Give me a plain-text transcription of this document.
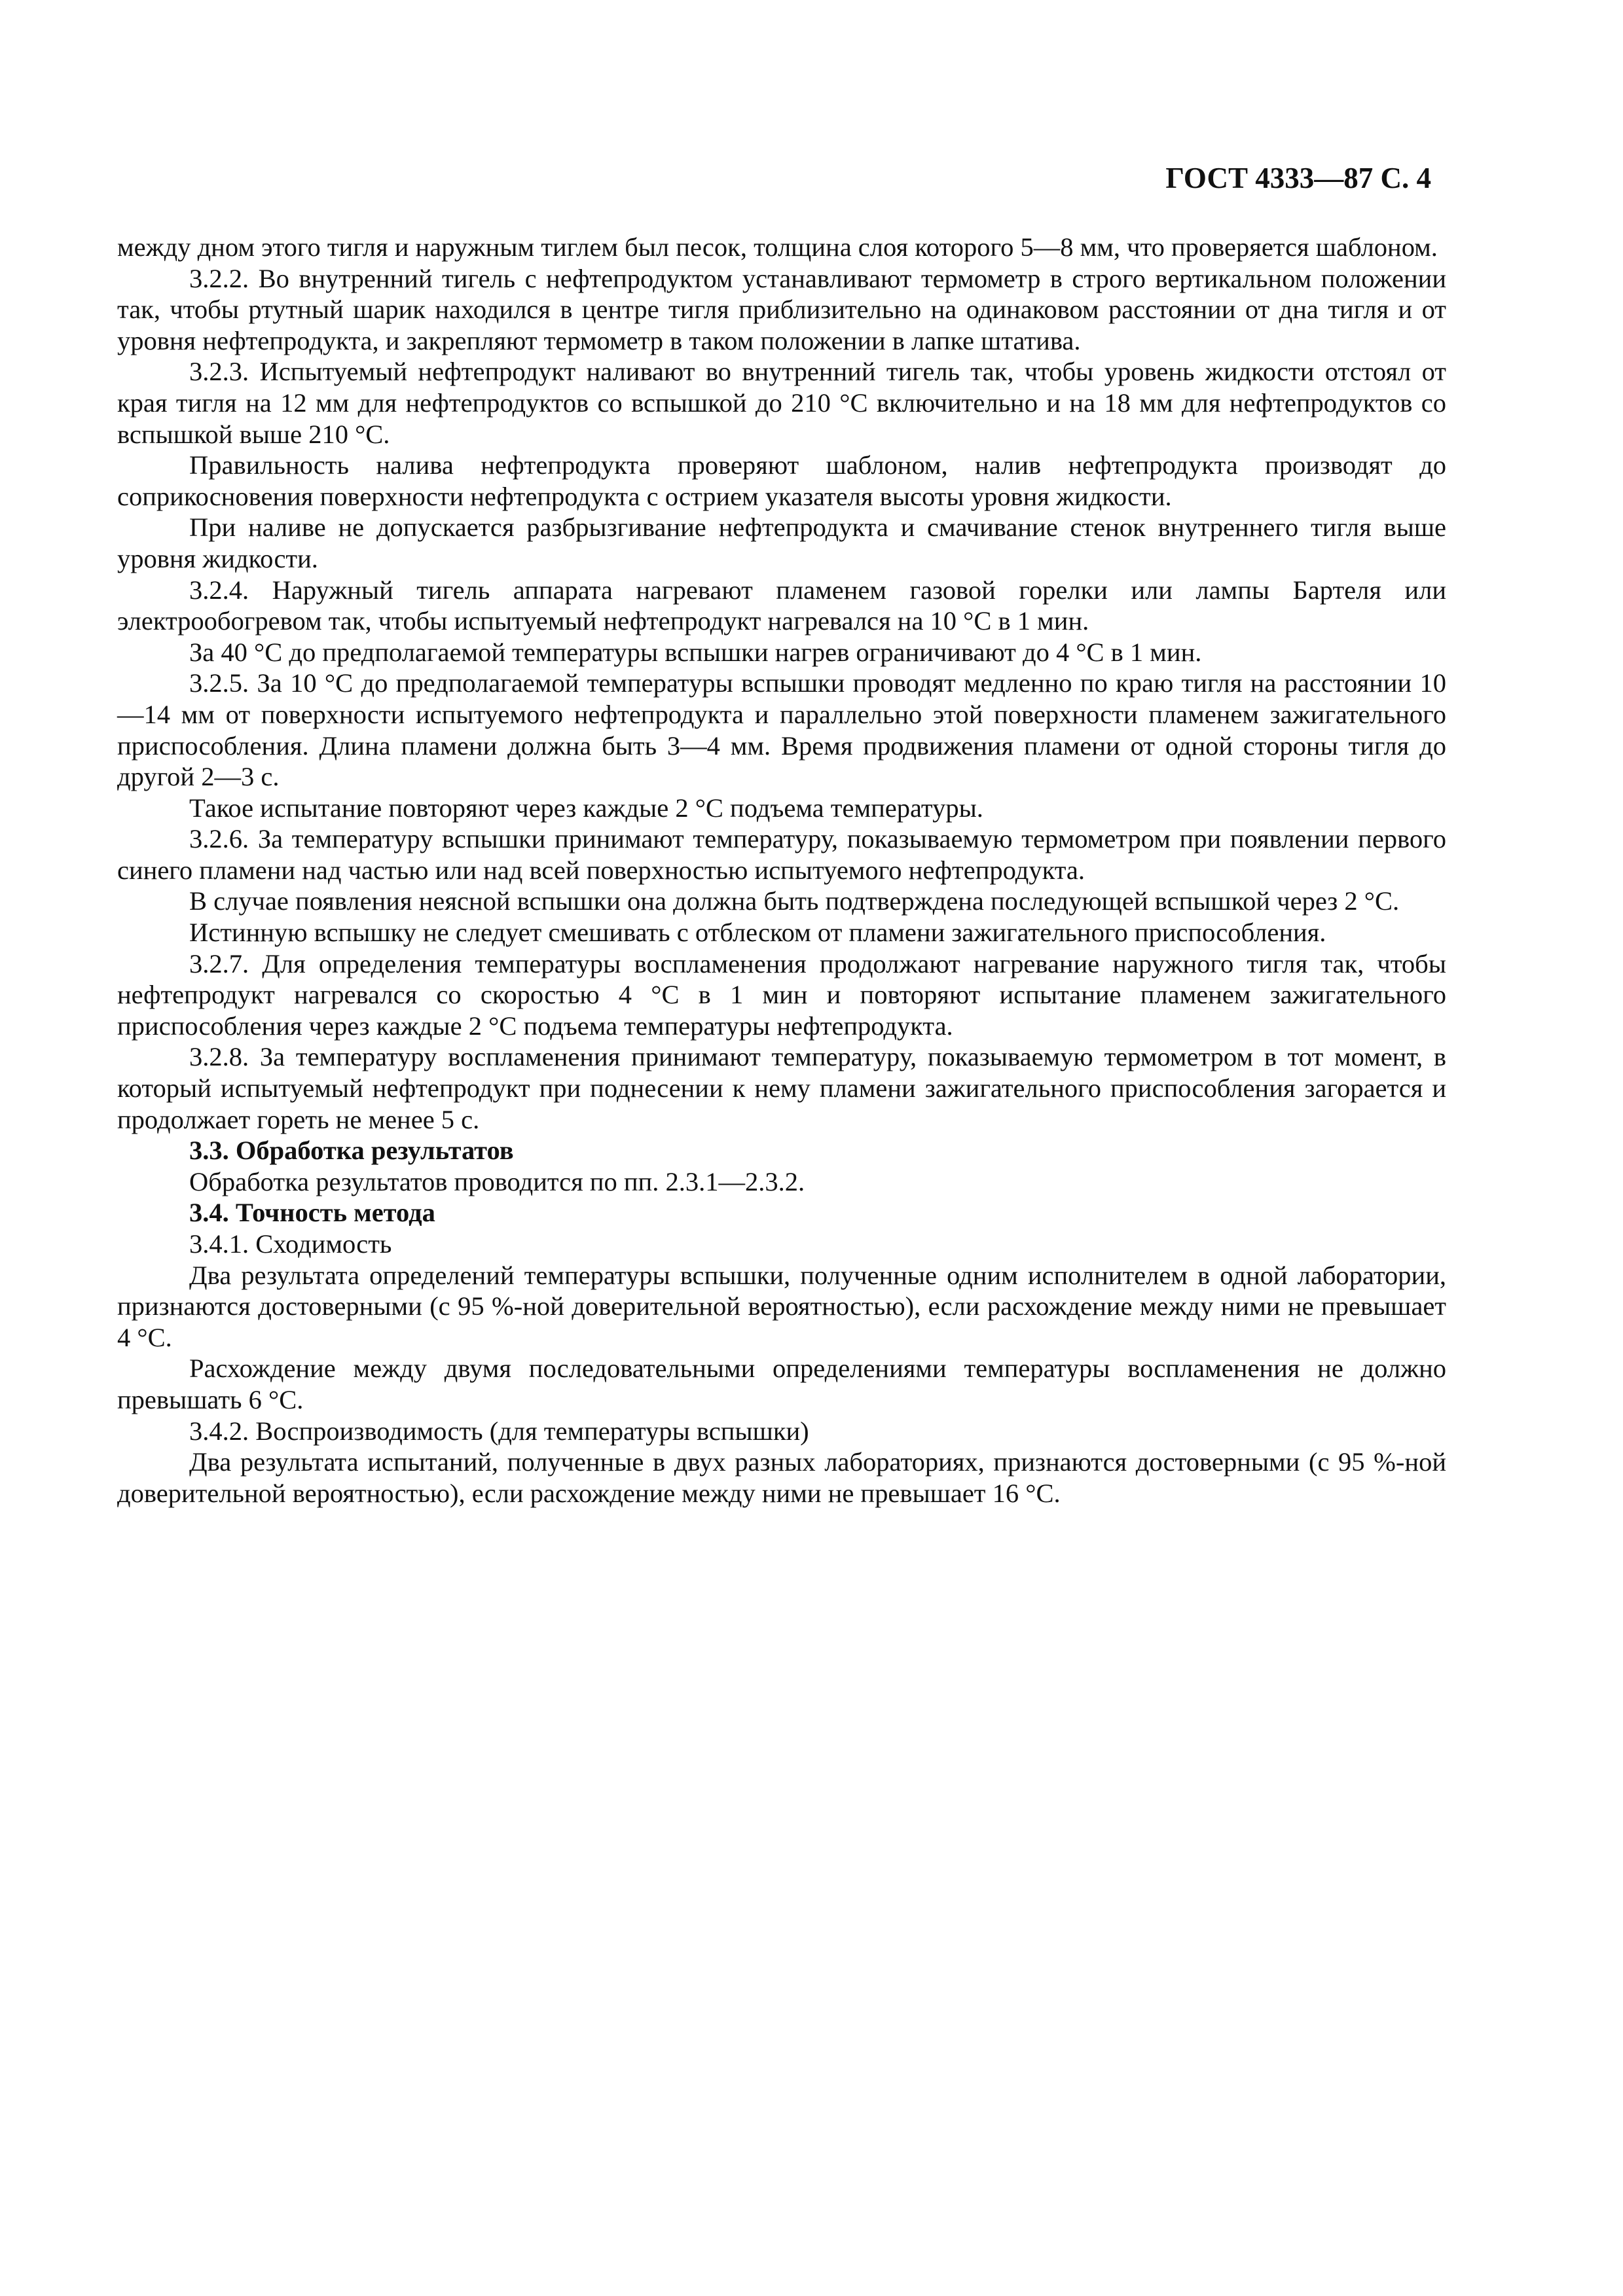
ГОСТ 4333—87 С. 4

между дном этого тигля и наружным тиглем был песок, толщина слоя которого 5—8 мм, что проверяется шаблоном.

3.2.2. Во внутренний тигель с нефтепродуктом устанавливают термометр в строго вертикальном положении так, чтобы ртутный шарик находился в центре тигля приблизительно на одинаковом расстоянии от дна тигля и от уровня нефтепродукта, и закрепляют термометр в таком положении в лапке штатива.

3.2.3. Испытуемый нефтепродукт наливают во внутренний тигель так, чтобы уровень жидкости отстоял от края тигля на 12 мм для нефтепродуктов со вспышкой до 210 °С включительно и на 18 мм для нефтепродуктов со вспышкой выше 210 °С.

Правильность налива нефтепродукта проверяют шаблоном, налив нефтепродукта производят до соприкосновения поверхности нефтепродукта с острием указателя высоты уровня жидкости.

При наливе не допускается разбрызгивание нефтепродукта и смачивание стенок внутреннего тигля выше уровня жидкости.

3.2.4. Наружный тигель аппарата нагревают пламенем газовой горелки или лампы Бартеля или электрообогревом так, чтобы испытуемый нефтепродукт нагревался на 10 °С в 1 мин.

За 40 °С до предполагаемой температуры вспышки нагрев ограничивают до 4 °С в 1 мин.

3.2.5. За 10 °С до предполагаемой температуры вспышки проводят медленно по краю тигля на расстоянии 10—14 мм от поверхности испытуемого нефтепродукта и параллельно этой поверхности пламенем зажигательного приспособления. Длина пламени должна быть 3—4 мм. Время продвижения пламени от одной стороны тигля до другой 2—3 с.

Такое испытание повторяют через каждые 2 °С подъема температуры.

3.2.6. За температуру вспышки принимают температуру, показываемую термометром при появлении первого синего пламени над частью или над всей поверхностью испытуемого нефтепродукта.

В случае появления неясной вспышки она должна быть подтверждена последующей вспышкой через 2 °С.

Истинную вспышку не следует смешивать с отблеском от пламени зажигательного приспособления.

3.2.7. Для определения температуры воспламенения продолжают нагревание наружного тигля так, чтобы нефтепродукт нагревался со скоростью 4 °С в 1 мин и повторяют испытание пламенем зажигательного приспособления через каждые 2 °С подъема температуры нефтепродукта.

3.2.8. За температуру воспламенения принимают температуру, показываемую термометром в тот момент, в который испытуемый нефтепродукт при поднесении к нему пламени зажигательного приспособления загорается и продолжает гореть не менее 5 с.

3.3. Обработка результатов

Обработка результатов проводится по пп. 2.3.1—2.3.2.

3.4. Точность метода

3.4.1. Сходимость

Два результата определений температуры вспышки, полученные одним исполнителем в одной лаборатории, признаются достоверными (с 95 %-ной доверительной вероятностью), если расхождение между ними не превышает 4 °С.

Расхождение между двумя последовательными определениями температуры воспламенения не должно превышать 6 °С.

3.4.2. Воспроизводимость (для температуры вспышки)

Два результата испытаний, полученные в двух разных лабораториях, признаются достоверными (с 95 %-ной доверительной вероятностью), если расхождение между ними не превышает 16 °С.
